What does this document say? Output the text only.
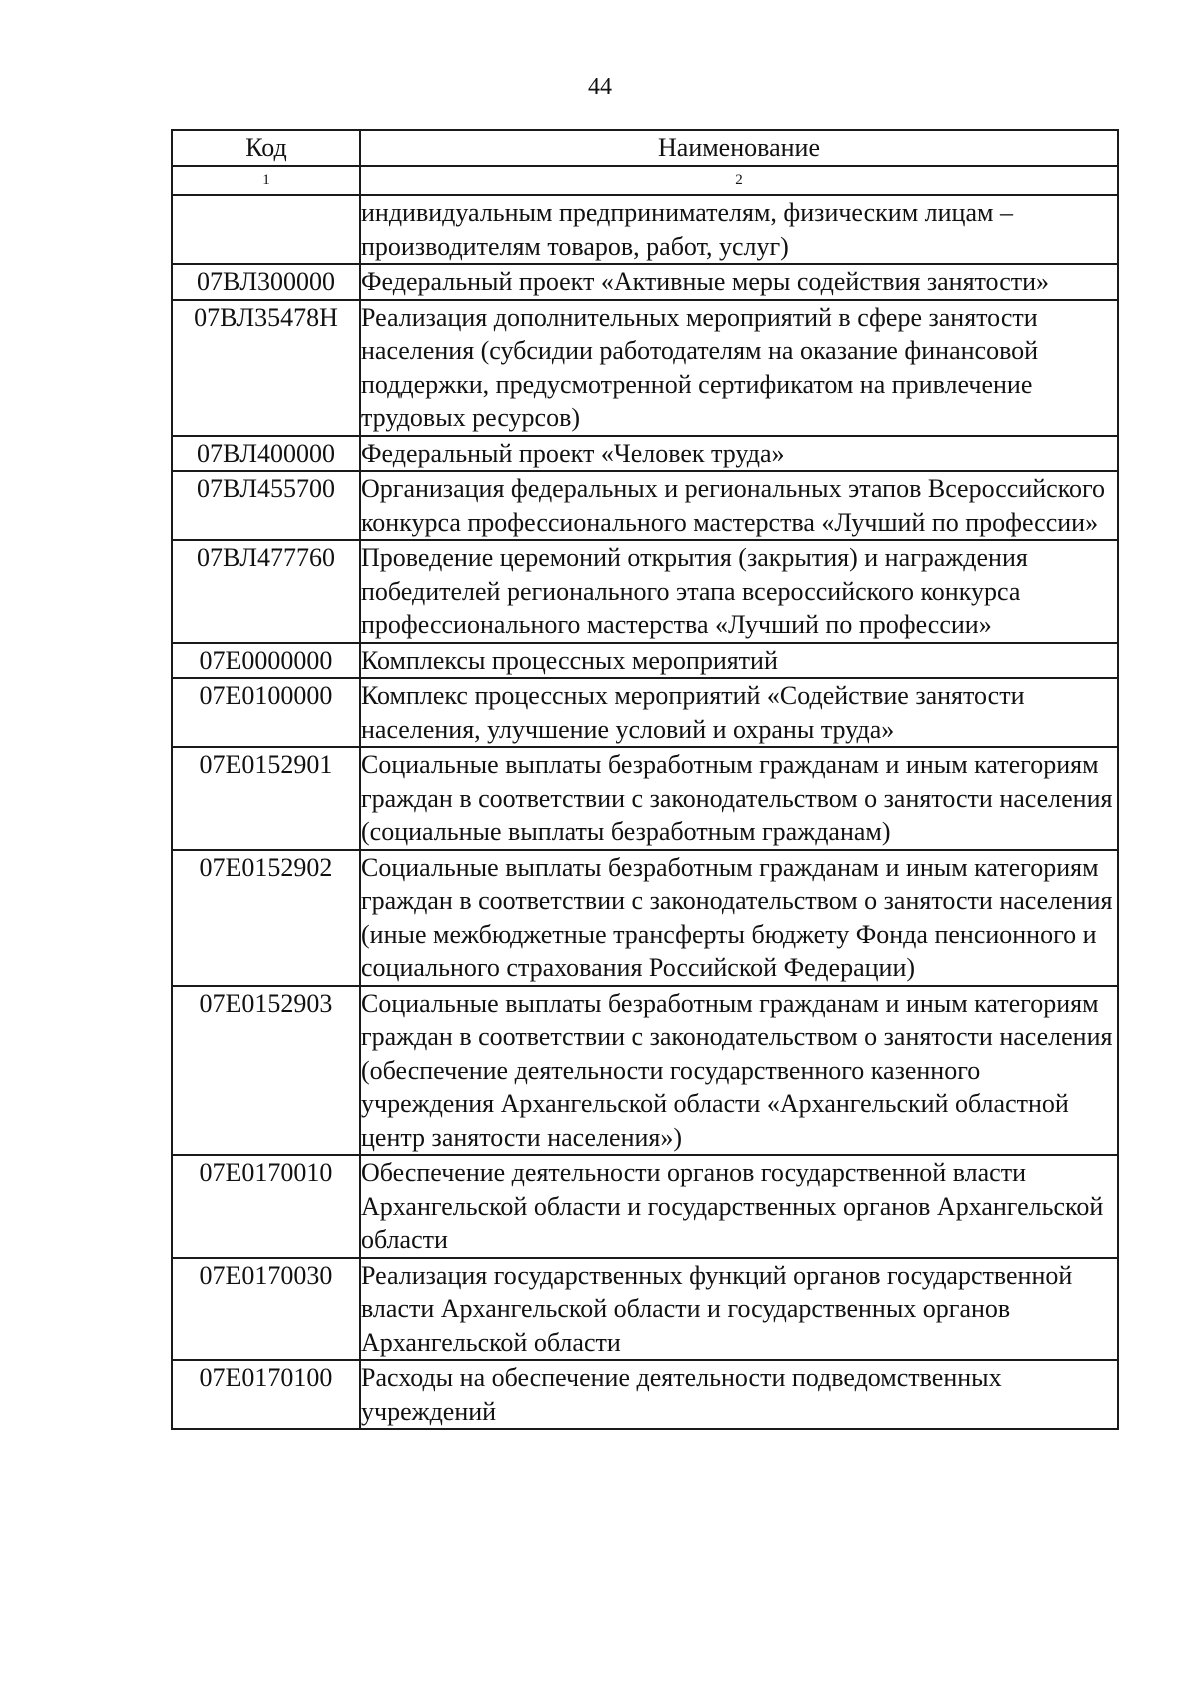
44
Код	Наименование
1	2
	индивидуальным предпринимателям, физическим лицам – производителям товаров, работ, услуг)
07ВЛ300000	Федеральный проект «Активные меры содействия занятости»
07ВЛ35478Н	Реализация дополнительных мероприятий в сфере занятости населения (субсидии работодателям на оказание финансовой поддержки, предусмотренной сертификатом на привлечение трудовых ресурсов)
07ВЛ400000	Федеральный проект «Человек труда»
07ВЛ455700	Организация федеральных и региональных этапов Всероссийского конкурса профессионального мастерства «Лучший по профессии»
07ВЛ477760	Проведение церемоний открытия (закрытия) и награждения победителей регионального этапа всероссийского конкурса профессионального мастерства «Лучший по профессии»
07Е0000000	Комплексы процессных мероприятий
07Е0100000	Комплекс процессных мероприятий «Содействие занятости населения, улучшение условий и охраны труда»
07Е0152901	Социальные выплаты безработным гражданам и иным категориям граждан в соответствии с законодательством о занятости населения (социальные выплаты безработным гражданам)
07Е0152902	Социальные выплаты безработным гражданам и иным категориям граждан в соответствии с законодательством о занятости населения (иные межбюджетные трансферты бюджету Фонда пенсионного и социального страхования Российской Федерации)
07Е0152903	Социальные выплаты безработным гражданам и иным категориям граждан в соответствии с законодательством о занятости населения (обеспечение деятельности государственного казенного учреждения Архангельской области «Архангельский областной центр занятости населения»)
07Е0170010	Обеспечение деятельности органов государственной власти Архангельской области и государственных органов Архангельской области
07Е0170030	Реализация государственных функций органов государственной власти Архангельской области и государственных органов Архангельской области
07Е0170100	Расходы на обеспечение деятельности подведомственных учреждений
